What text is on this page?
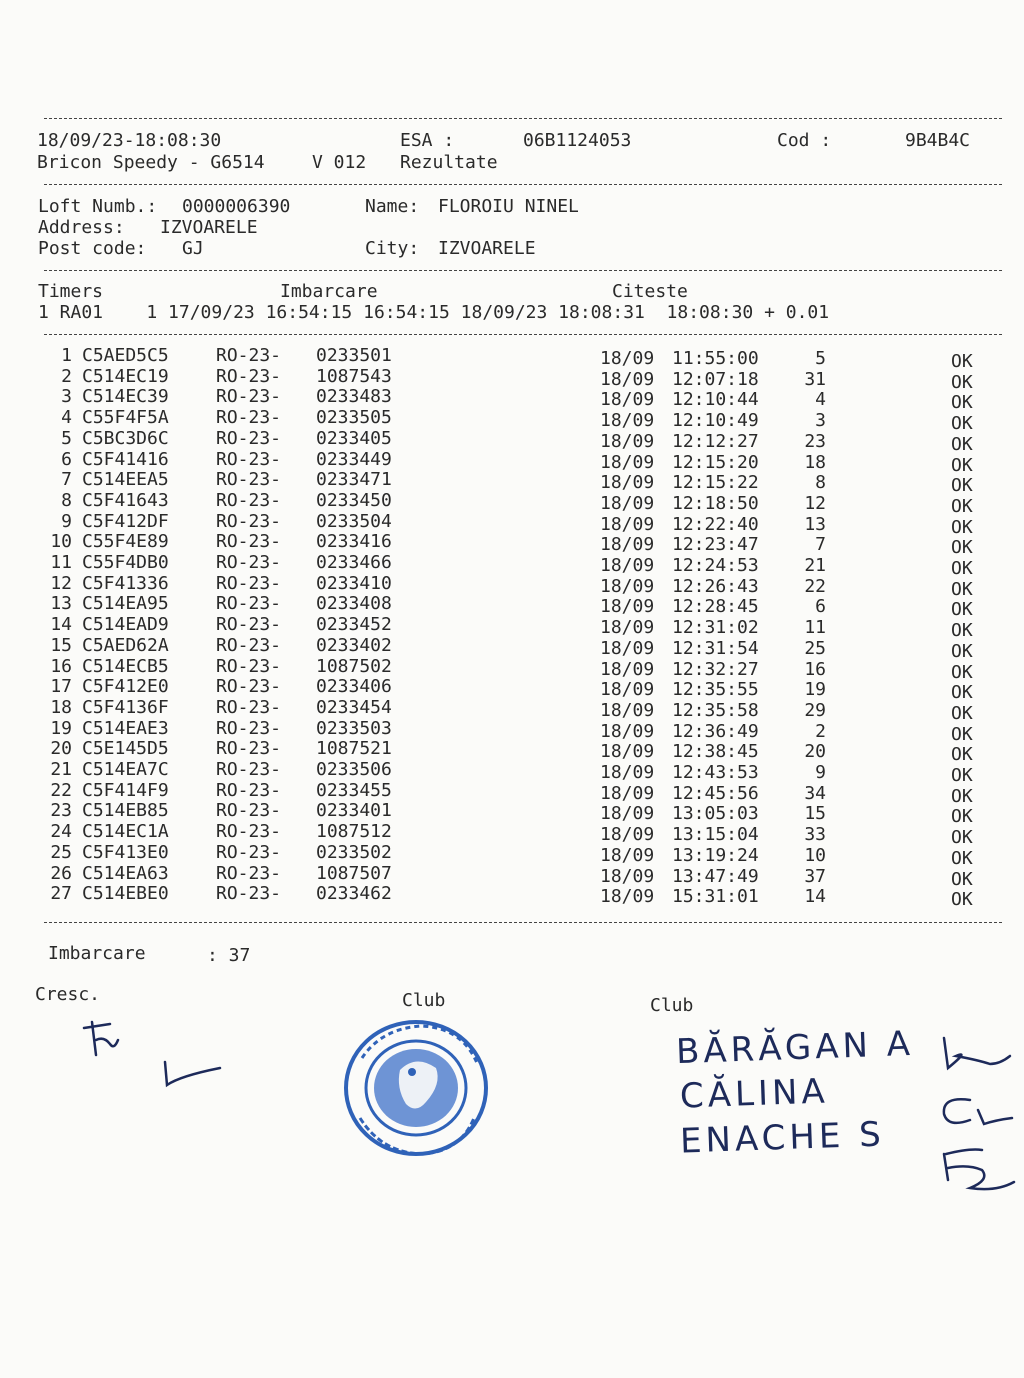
18/09/23-18:08:30	ESA :	06B1124053	Cod :	9B4B4C
Bricon Speedy - G6514	V 012 Rezultate
Loft Numb.: 0000006390	Name: FLOROIU NINEL
Address: IZVOARELE
Post code: GJ	City: IZVOARELE
Timers	Imbarcare	Citeste
1 RA01    1 17/09/23 16:54:15 16:54:15 18/09/23 18:08:31  18:08:30 + 0.01
1 C5AED5C5	RO-23- 0233501	18/09 11:55:00	5	OK
2 C514EC19	RO-23- 1087543	18/09 12:07:18	31	OK
3 C514EC39	RO-23- 0233483	18/09 12:10:44	4	OK
4 C55F4F5A	RO-23- 0233505	18/09 12:10:49	3	OK
5 C5BC3D6C	RO-23- 0233405	18/09 12:12:27	23	OK
6 C5F41416	RO-23- 0233449	18/09 12:15:20	18	OK
7 C514EEA5	RO-23- 0233471	18/09 12:15:22	8	OK
8 C5F41643	RO-23- 0233450	18/09 12:18:50	12	OK
9 C5F412DF	RO-23- 0233504	18/09 12:22:40	13	OK
10 C55F4E89	RO-23- 0233416	18/09 12:23:47	7	OK
11 C55F4DB0	RO-23- 0233466	18/09 12:24:53	21	OK
12 C5F41336	RO-23- 0233410	18/09 12:26:43	22	OK
13 C514EA95	RO-23- 0233408	18/09 12:28:45	6	OK
14 C514EAD9	RO-23- 0233452	18/09 12:31:02	11	OK
15 C5AED62A	RO-23- 0233402	18/09 12:31:54	25	OK
16 C514ECB5	RO-23- 1087502	18/09 12:32:27	16	OK
17 C5F412E0	RO-23- 0233406	18/09 12:35:55	19	OK
18 C5F4136F	RO-23- 0233454	18/09 12:35:58	29	OK
19 C514EAE3	RO-23- 0233503	18/09 12:36:49	2	OK
20 C5E145D5	RO-23- 1087521	18/09 12:38:45	20	OK
21 C514EA7C	RO-23- 0233506	18/09 12:43:53	9	OK
22 C5F414F9	RO-23- 0233455	18/09 12:45:56	34	OK
23 C514EB85	RO-23- 0233401	18/09 13:05:03	15	OK
24 C514EC1A	RO-23- 1087512	18/09 13:15:04	33	OK
25 C5F413E0	RO-23- 0233502	18/09 13:19:24	10	OK
26 C514EA63	RO-23- 1087507	18/09 13:47:49	37	OK
27 C514EBE0	RO-23- 0233462	18/09 15:31:01	14	OK
Imbarcare	: 37
Cresc.	Club	Club
BĂRĂGAN A
CĂLINA
ENACHE S
